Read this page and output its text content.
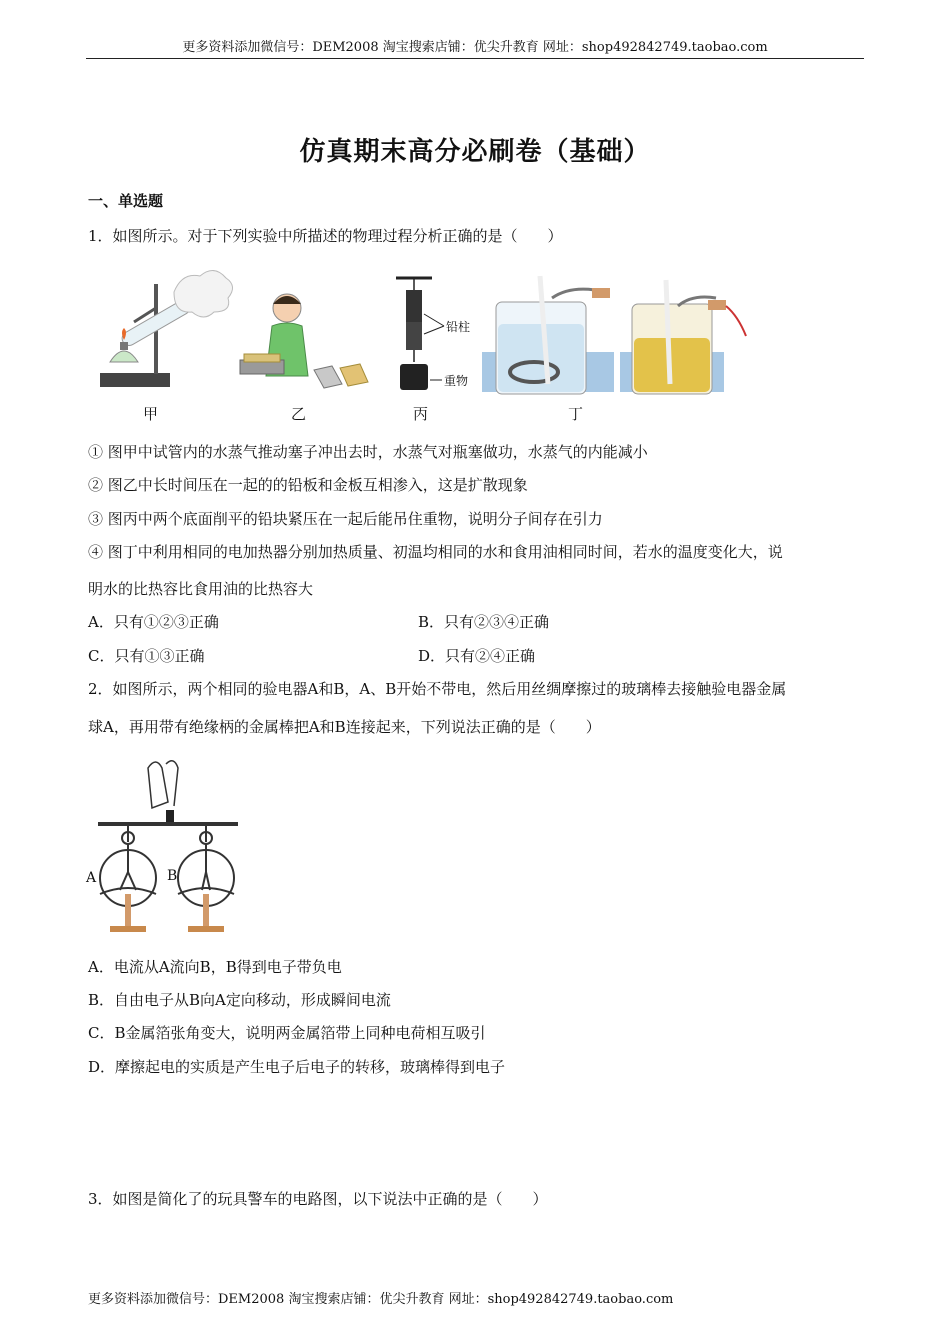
更多资料添加微信号：DEM2008 淘宝搜索店铺：优尖升教育 网址：shop492842749.taobao.com
仿真期末高分必刷卷（基础）
一、单选题
1．如图所示。对于下列实验中所描述的物理过程分析正确的是（　　）
铅柱
重物
甲	乙	丙	丁
① 图甲中试管内的水蒸气推动塞子冲出去时，水蒸气对瓶塞做功，水蒸气的内能减小
② 图乙中长时间压在一起的的铅板和金板互相渗入，这是扩散现象
③ 图丙中两个底面削平的铅块紧压在一起后能吊住重物，说明分子间存在引力
④ 图丁中利用相同的电加热器分别加热质量、初温均相同的水和食用油相同时间，若水的温度变化大，说
明水的比热容比食用油的比热容大
A．只有①②③正确	B．只有②③④正确
C．只有①③正确	D．只有②④正确
2．如图所示，两个相同的验电器A和B，A、B开始不带电，然后用丝绸摩擦过的玻璃棒去接触验电器金属
球A，再用带有绝缘柄的金属棒把A和B连接起来，下列说法正确的是（　　）
A	B
A．电流从A流向B，B得到电子带负电
B．自由电子从B向A定向移动，形成瞬间电流
C．B金属箔张角变大，说明两金属箔带上同种电荷相互吸引
D．摩擦起电的实质是产生电子后电子的转移，玻璃棒得到电子
3．如图是简化了的玩具警车的电路图，以下说法中正确的是（　　）
更多资料添加微信号：DEM2008 淘宝搜索店铺：优尖升教育 网址：shop492842749.taobao.com
